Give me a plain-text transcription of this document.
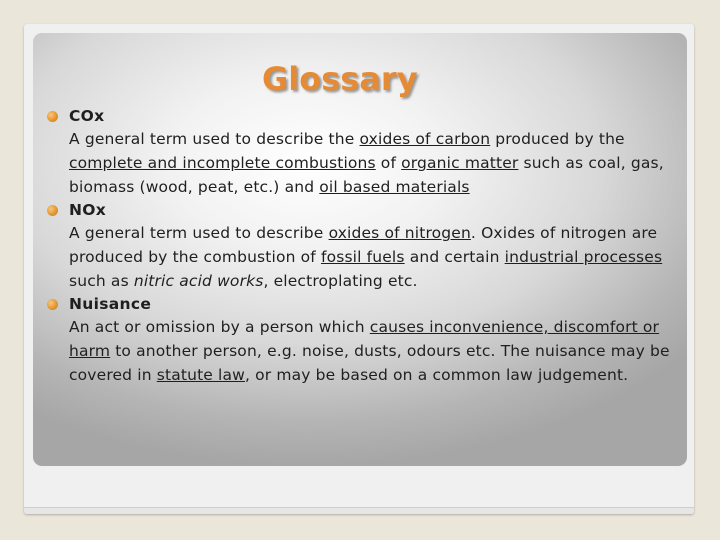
Glossary

COx

A general term used to describe the oxides of carbon produced by the complete and incomplete combustions of organic matter such as coal, gas, biomass (wood, peat, etc.) and oil based materials

NOx

A general term used to describe oxides of nitrogen. Oxides of nitrogen are produced by the combustion of fossil fuels and certain industrial processes such as nitric acid works, electroplating etc.

Nuisance

An act or omission by a person which causes inconvenience, discomfort or harm to another person, e.g. noise, dusts, odours etc. The nuisance may be covered in statute law, or may be based on a common law judgement.
